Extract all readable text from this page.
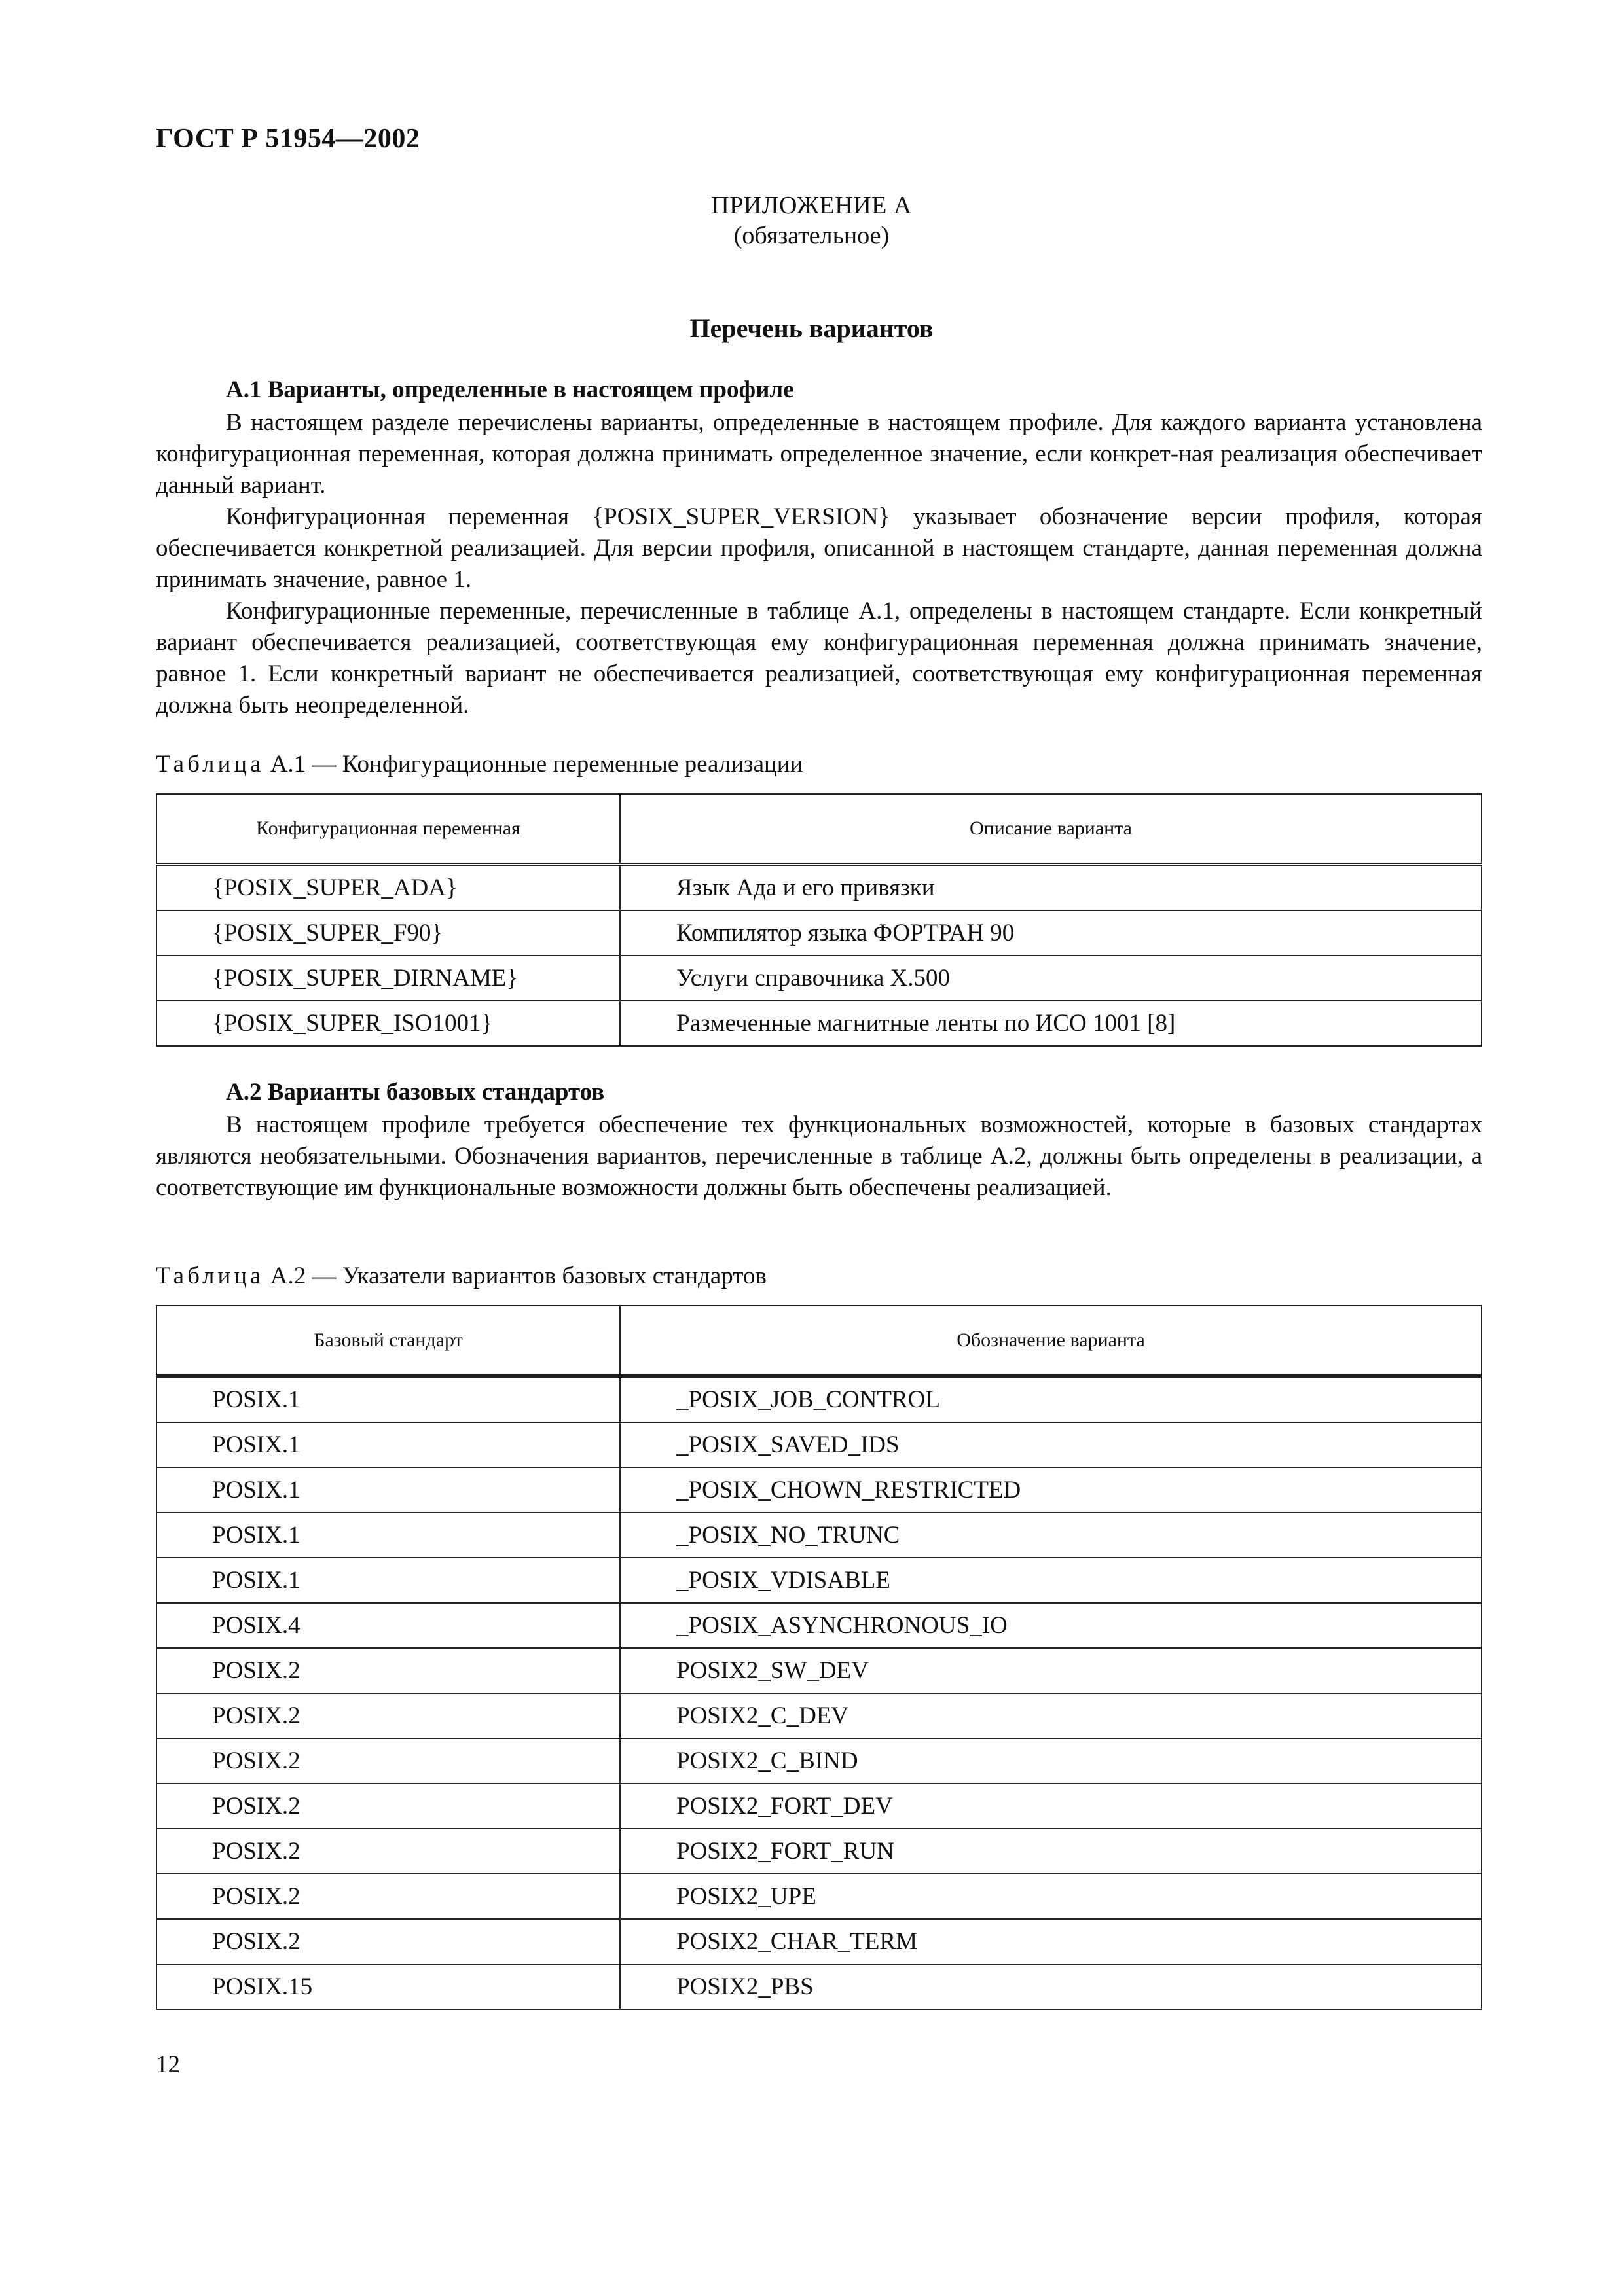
ГОСТ Р 51954—2002
ПРИЛОЖЕНИЕ А
(обязательное)
Перечень вариантов
А.1 Варианты, определенные в настоящем профиле

В настоящем разделе перечислены варианты, определенные в настоящем профиле. Для каждого варианта установлена конфигурационная переменная, которая должна принимать определенное значение, если конкрет-ная реализация обеспечивает данный вариант.

Конфигурационная переменная {POSIX_SUPER_VERSION} указывает обозначение версии профиля, которая обеспечивается конкретной реализацией. Для версии профиля, описанной в настоящем стандарте, данная переменная должна принимать значение, равное 1.

Конфигурационные переменные, перечисленные в таблице А.1, определены в настоящем стандарте. Если конкретный вариант обеспечивается реализацией, соответствующая ему конфигурационная переменная должна принимать значение, равное 1. Если конкретный вариант не обеспечивается реализацией, соответствующая ему конфигурационная переменная должна быть неопределенной.

Таблица А.1 — Конфигурационные переменные реализации
Конфигурационная переменная	Описание варианта
{POSIX_SUPER_ADA}	Язык Ада и его привязки
{POSIX_SUPER_F90}	Компилятор языка ФОРТРАН 90
{POSIX_SUPER_DIRNAME}	Услуги справочника Х.500
{POSIX_SUPER_ISO1001}	Размеченные магнитные ленты по ИСО 1001 [8]
А.2 Варианты базовых стандартов

В настоящем профиле требуется обеспечение тех функциональных возможностей, которые в базовых стандартах являются необязательными. Обозначения вариантов, перечисленные в таблице А.2, должны быть определены в реализации, а соответствующие им функциональные возможности должны быть обеспечены реализацией.

Таблица А.2 — Указатели вариантов базовых стандартов
Базовый стандарт	Обозначение варианта
POSIX.1	_POSIX_JOB_CONTROL
POSIX.1	_POSIX_SAVED_IDS
POSIX.1	_POSIX_CHOWN_RESTRICTED
POSIX.1	_POSIX_NO_TRUNC
POSIX.1	_POSIX_VDISABLE
POSIX.4	_POSIX_ASYNCHRONOUS_IO
POSIX.2	POSIX2_SW_DEV
POSIX.2	POSIX2_C_DEV
POSIX.2	POSIX2_C_BIND
POSIX.2	POSIX2_FORT_DEV
POSIX.2	POSIX2_FORT_RUN
POSIX.2	POSIX2_UPE
POSIX.2	POSIX2_CHAR_TERM
POSIX.15	POSIX2_PBS
12
